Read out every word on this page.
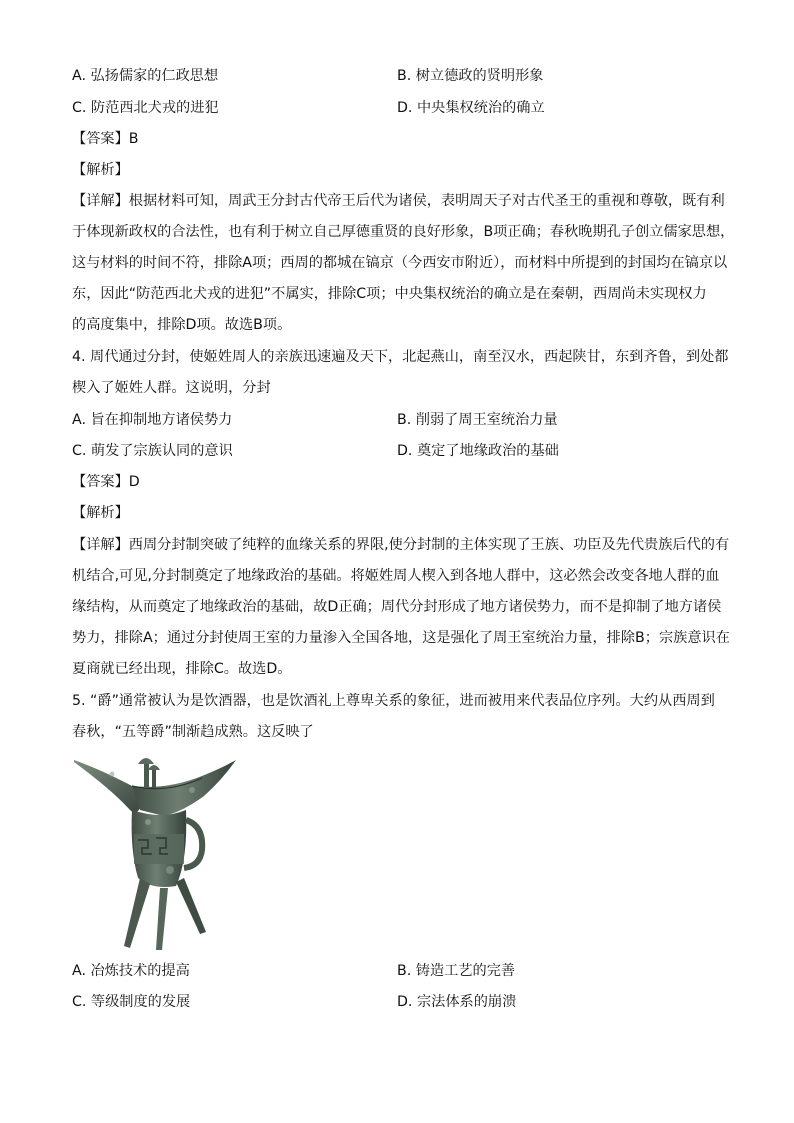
A. 弘扬儒家的仁政思想	B. 树立德政的贤明形象
C. 防范西北犬戎的进犯	D. 中央集权统治的确立
【答案】B
【解析】
【详解】根据材料可知，周武王分封古代帝王后代为诸侯，表明周天子对古代圣王的重视和尊敬，既有利
于体现新政权的合法性，也有利于树立自己厚德重贤的良好形象，B项正确；春秋晚期孔子创立儒家思想，
这与材料的时间不符，排除A项；西周的都城在镐京（今西安市附近），而材料中所提到的封国均在镐京以
东，因此“防范西北犬戎的进犯”不属实，排除C项；中央集权统治的确立是在秦朝，西周尚未实现权力
的高度集中，排除D项。故选B项。
4. 周代通过分封，使姬姓周人的亲族迅速遍及天下，北起燕山，南至汉水，西起陕甘，东到齐鲁，到处都
楔入了姬姓人群。这说明，分封
A. 旨在抑制地方诸侯势力	B. 削弱了周王室统治力量
C. 萌发了宗族认同的意识	D. 奠定了地缘政治的基础
【答案】D
【解析】
【详解】西周分封制突破了纯粹的血缘关系的界限,使分封制的主体实现了王族、功臣及先代贵族后代的有
机结合,可见,分封制奠定了地缘政治的基础。将姬姓周人楔入到各地人群中，这必然会改变各地人群的血
缘结构，从而奠定了地缘政治的基础，故D正确；周代分封形成了地方诸侯势力，而不是抑制了地方诸侯
势力，排除A；通过分封使周王室的力量渗入全国各地，这是强化了周王室统治力量，排除B；宗族意识在
夏商就已经出现，排除C。故选D。
5. “爵”通常被认为是饮酒器，也是饮酒礼上尊卑关系的象征，进而被用来代表品位序列。大约从西周到
春秋，“五等爵”制渐趋成熟。这反映了
A. 冶炼技术的提高	B. 铸造工艺的完善
C. 等级制度的发展	D. 宗法体系的崩溃
